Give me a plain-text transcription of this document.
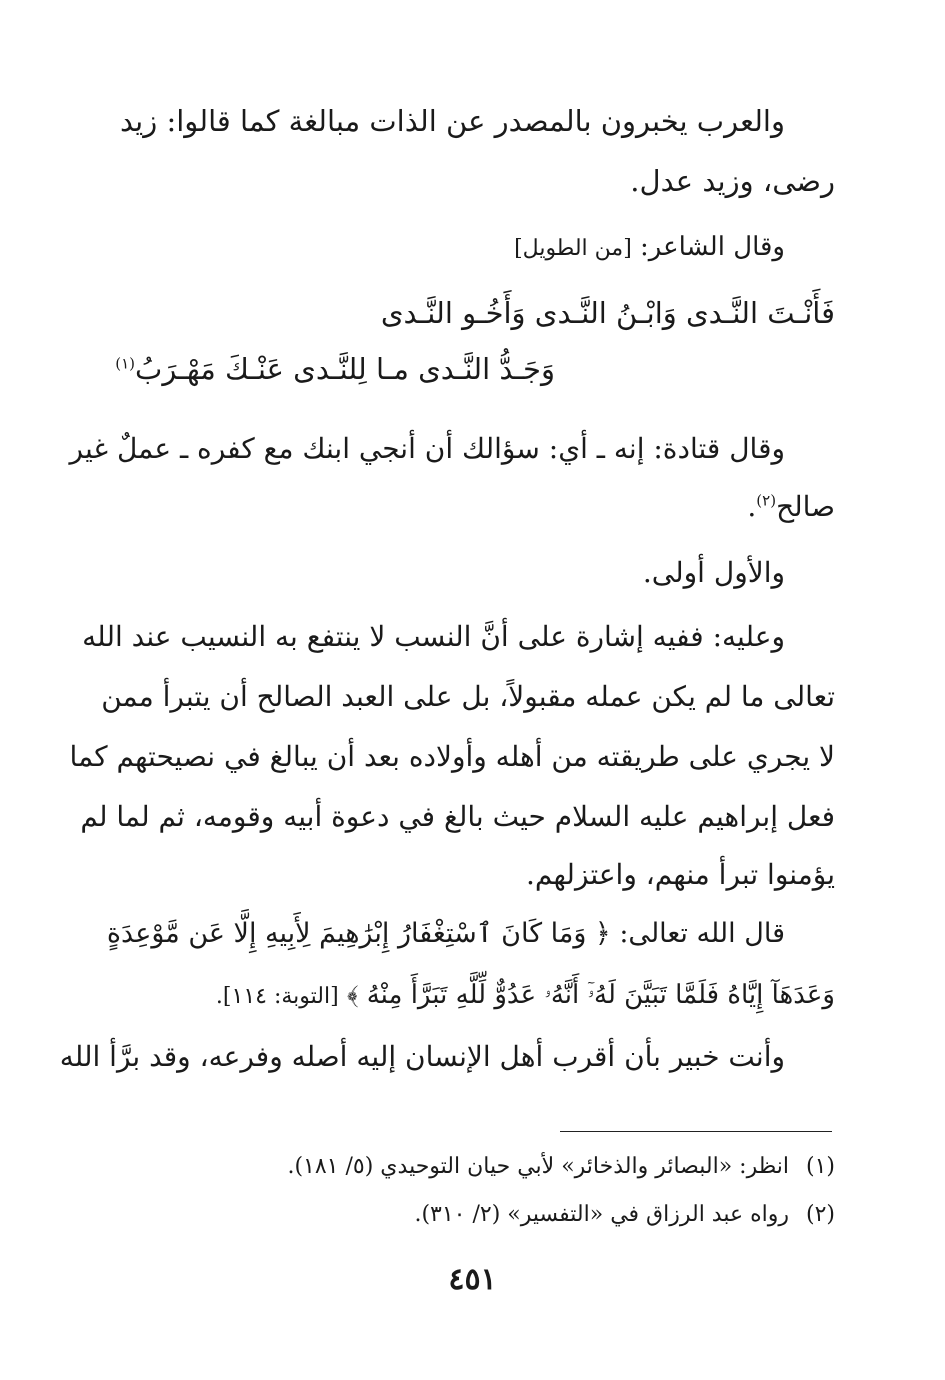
والعرب يخبرون بالمصدر عن الذات مبالغة كما قالوا: زيد
رضى، وزيد عدل.
وقال الشاعر: [من الطويل]
فَأَنْـتَ النَّـدى وَابْـنُ النَّـدى وَأَخُـو النَّـدى
وَجَـدُّ النَّـدى مـا لِلنَّـدى عَنْـكَ مَهْـرَبُ$^{(١)}$
وقال قتادة: إنه ـ أي: سؤالك أن أنجي ابنك مع كفره ـ عملٌ غير
صالح$^{(٢)}$.
والأول أولى.
وعليه: ففيه إشارة على أنَّ النسب لا ينتفع به النسيب عند الله
تعالى ما لم يكن عمله مقبولاً، بل على العبد الصالح أن يتبرأ ممن
لا يجري على طريقته من أهله وأولاده بعد أن يبالغ في نصيحتهم كما
فعل إبراهيم عليه السلام حيث بالغ في دعوة أبيه وقومه، ثم لما لم
يؤمنوا تبرأ منهم، واعتزلهم.
قال الله تعالى: ﴿ وَمَا كَانَ ٱسْتِغْفَارُ إِبْرَٰهِيمَ لِأَبِيهِ إِلَّا عَن مَّوْعِدَةٍ
وَعَدَهَآ إِيَّاهُ فَلَمَّا تَبَيَّنَ لَهُۥٓ أَنَّهُۥ عَدُوٌّ لِّلَّهِ تَبَرَّأَ مِنْهُ ﴾ [التوبة: ١١٤].
وأنت خبير بأن أقرب أهل الإنسان إليه أصله وفرعه، وقد برَّأ الله
(١)انظر: «البصائر والذخائر» لأبي حيان التوحيدي (٥/ ١٨١).
(٢)رواه عبد الرزاق في «التفسير» (٢/ ٣١٠).
٤٥١
